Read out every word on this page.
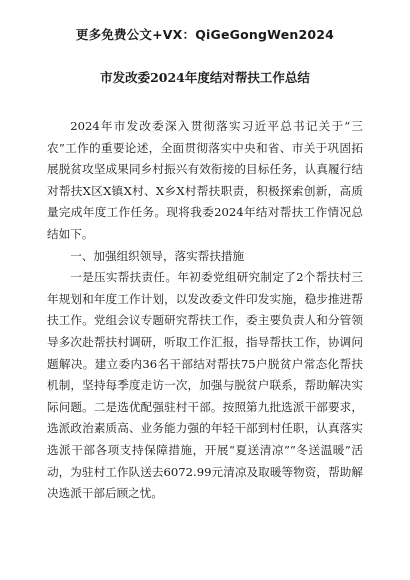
更多免费公文+VX：QiGeGongWen2024
市发改委2024年度结对帮扶工作总结

2024年市发改委深入贯彻落实习近平总书记关于“三农”工作的重要论述，全面贯彻落实中央和省、市关于巩固拓展脱贫攻坚成果同乡村振兴有效衔接的目标任务，认真履行结对帮扶X区X镇X村、X乡X村帮扶职责，积极探索创新，高质量完成年度工作任务。现将我委2024年结对帮扶工作情况总结如下。

一、加强组织领导，落实帮扶措施

一是压实帮扶责任。年初委党组研究制定了2个帮扶村三年规划和年度工作计划，以发改委文件印发实施，稳步推进帮扶工作。党组会议专题研究帮扶工作，委主要负责人和分管领导多次赴帮扶村调研，听取工作汇报，指导帮扶工作，协调问题解决。建立委内36名干部结对帮扶75户脱贫户常态化帮扶机制，坚持每季度走访一次，加强与脱贫户联系，帮助解决实际问题。二是选优配强驻村干部。按照第九批选派干部要求，选派政治素质高、业务能力强的年轻干部到村任职，认真落实选派干部各项支持保障措施，开展“夏送清凉”“冬送温暖”活动，为驻村工作队送去6072.99元清凉及取暖等物资，帮助解决选派干部后顾之忧。
